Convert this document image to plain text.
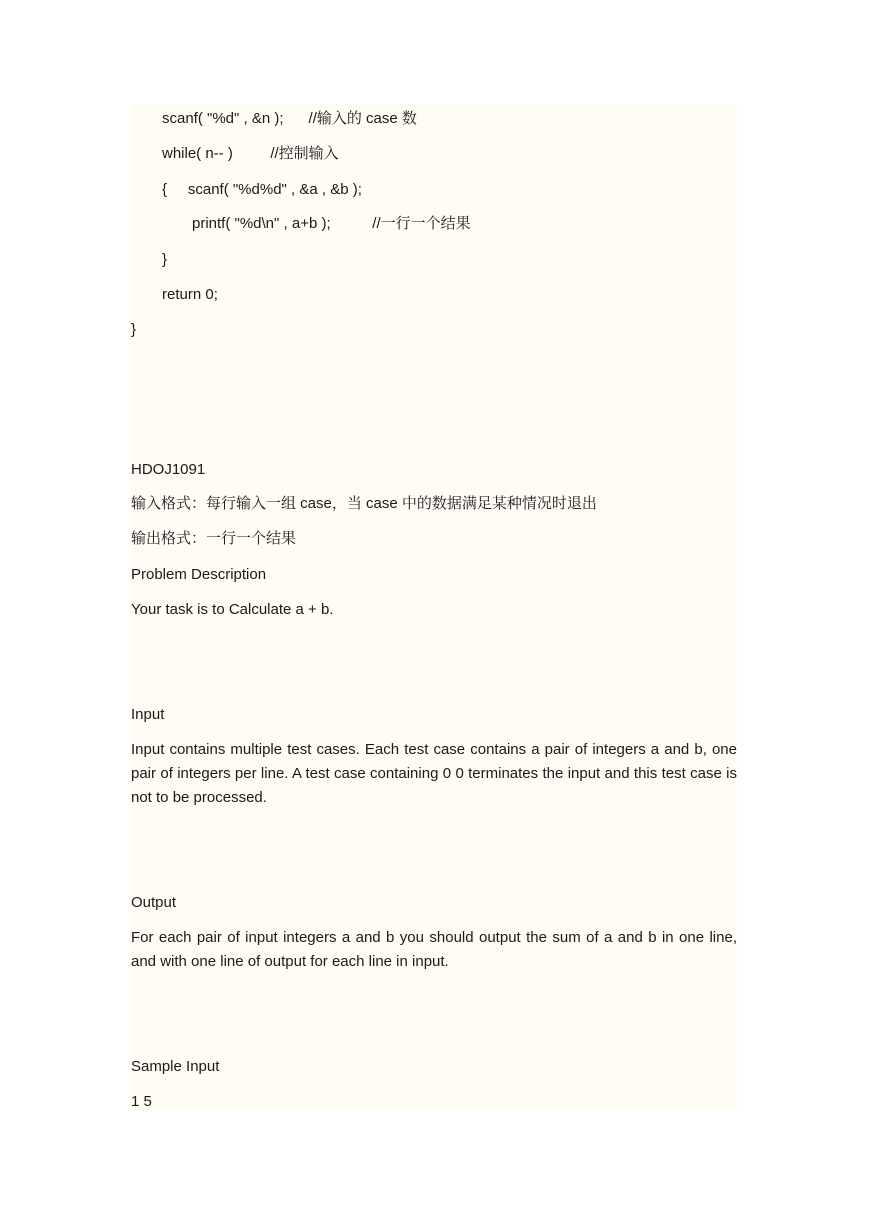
scanf( "%d" , &n );      //输入的 case 数
while( n-- )         //控制输入
{     scanf( "%d%d" , &a , &b );
printf( "%d\n" , a+b );          //一行一个结果
}
return 0;
}
HDOJ1091
输入格式：每行输入一组 case，当 case 中的数据满足某种情况时退出
输出格式：一行一个结果
Problem Description
Your task is to Calculate a + b.
Input
Input contains multiple test cases. Each test case contains a pair of integers a and b, one pair of integers per line. A test case containing 0 0 terminates the input and this test case is not to be processed.
Output
For each pair of input integers a and b you should output the sum of a and b in one line, and with one line of output for each line in input.
Sample Input
1 5
